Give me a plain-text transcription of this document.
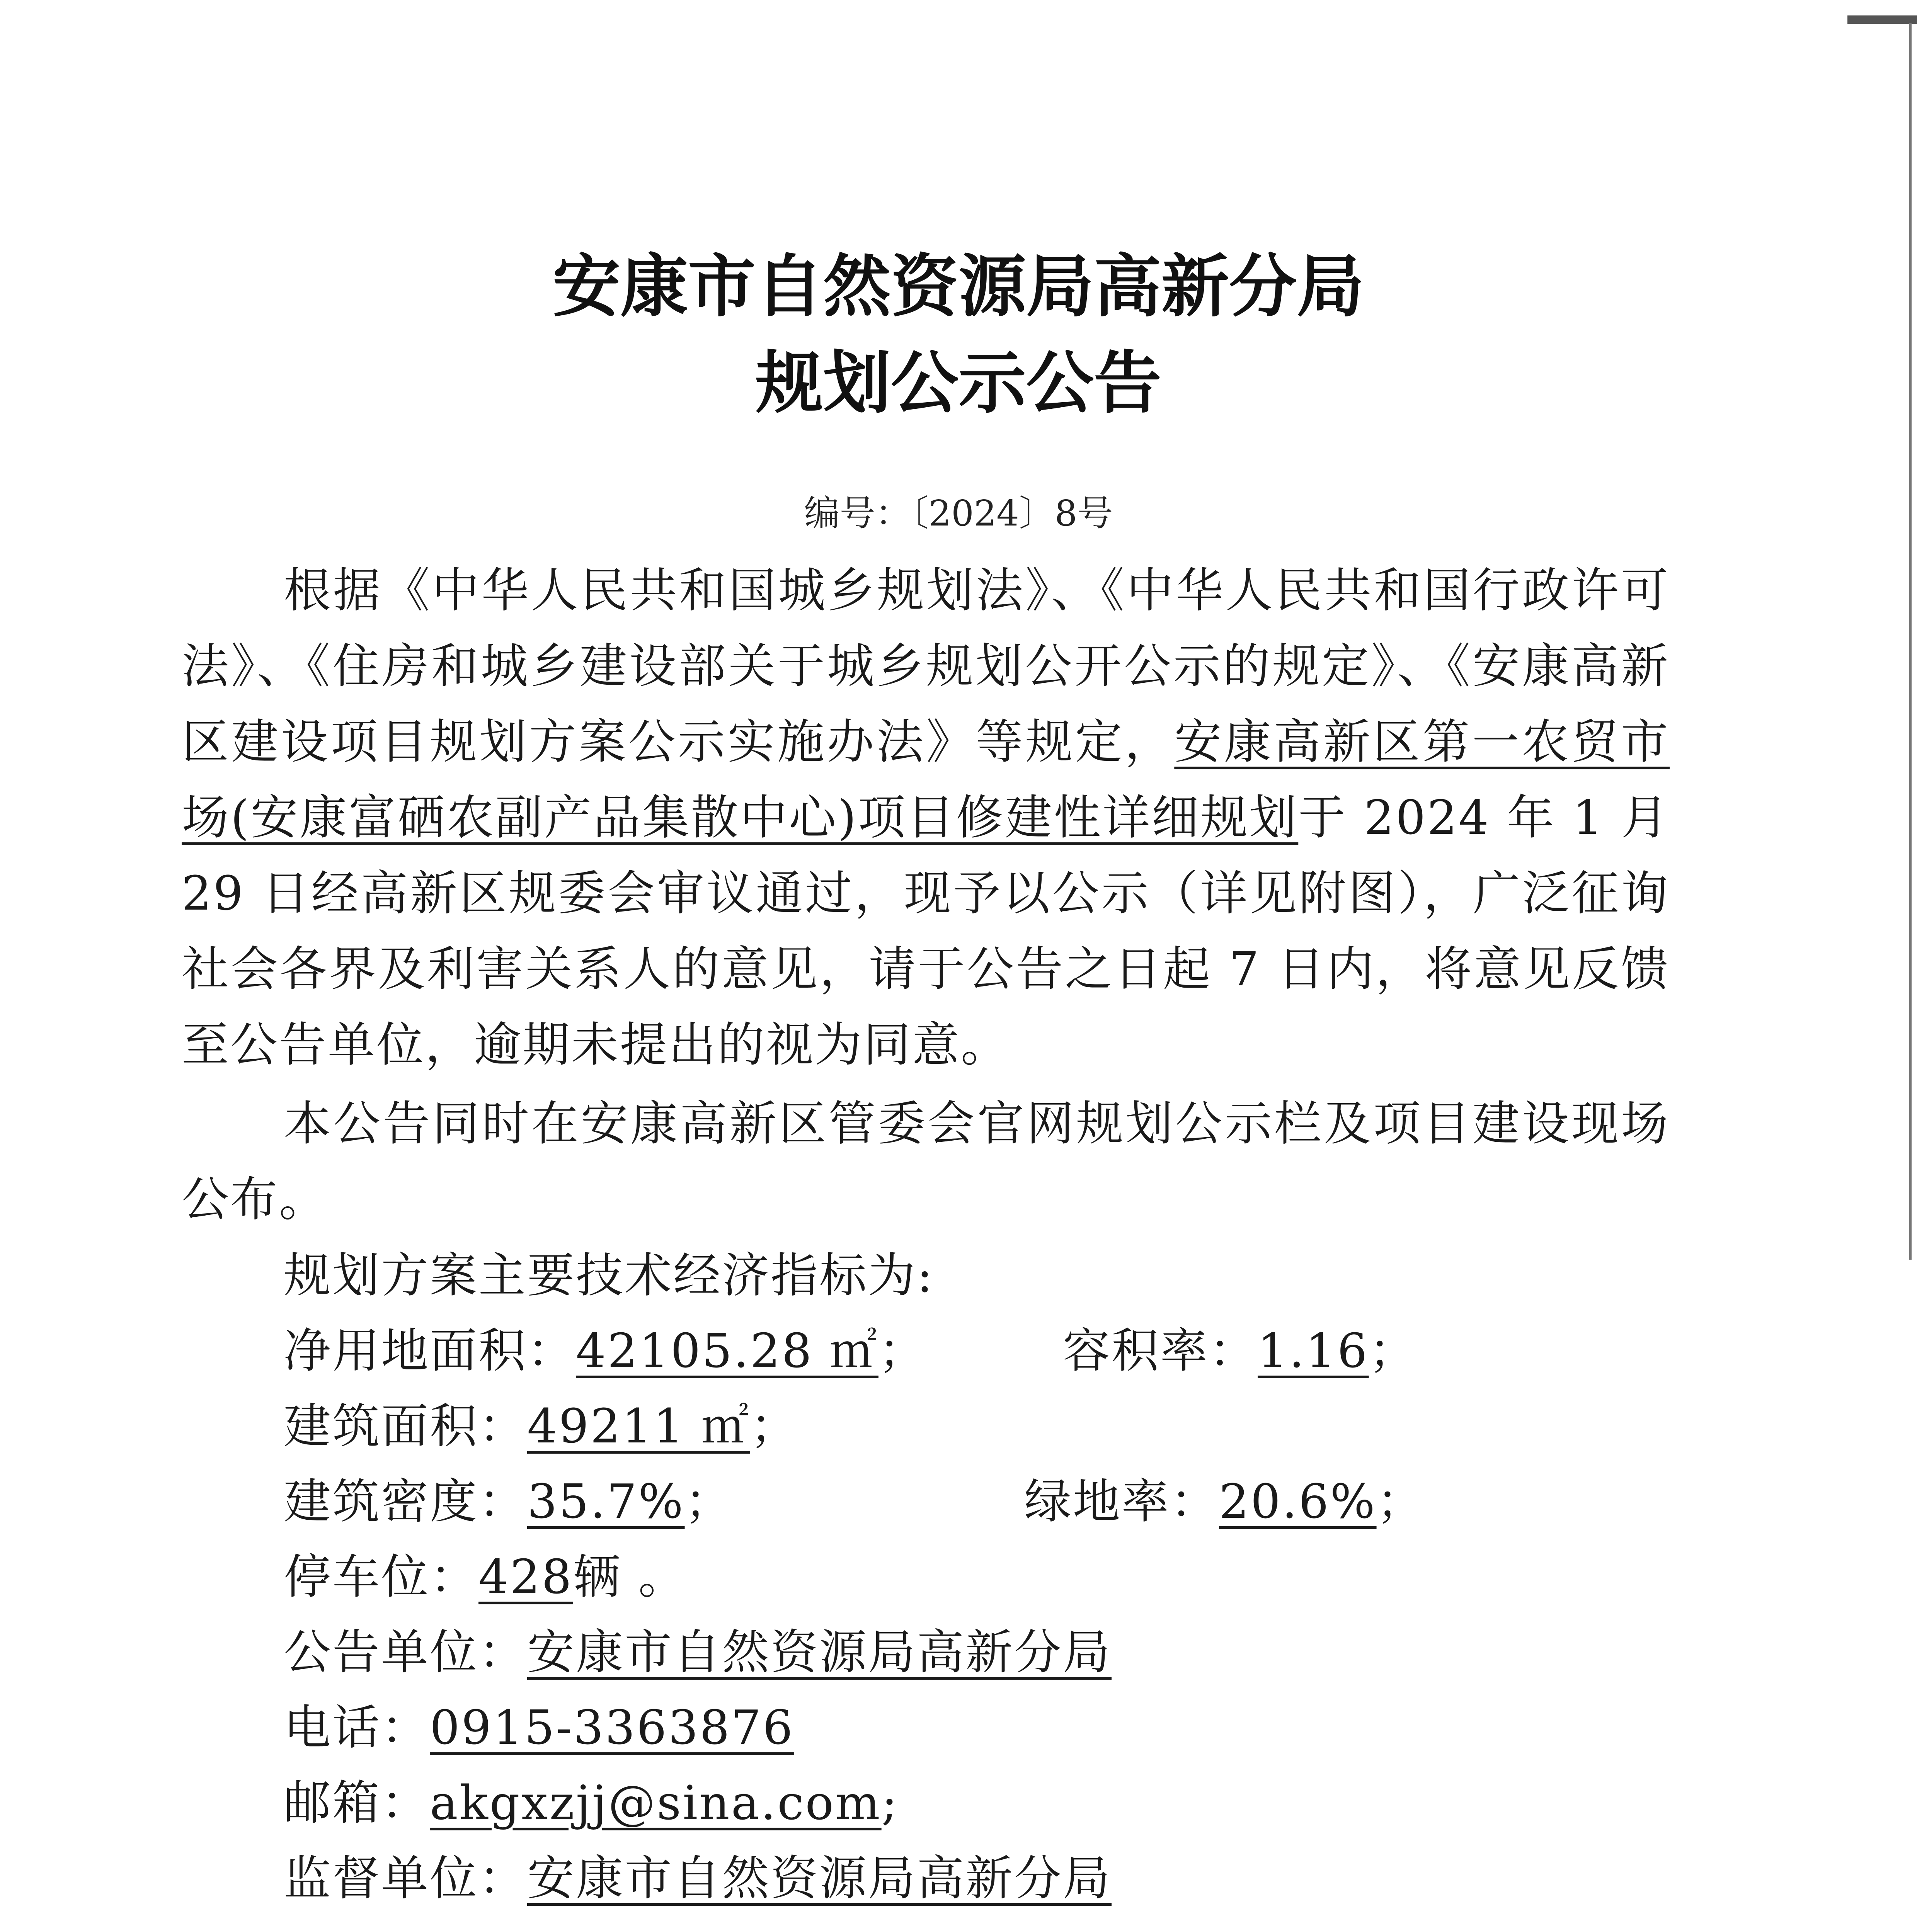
安康市自然资源局高新分局
规划公示公告
编号：〔2024〕8号
根据《中华人民共和国城乡规划法》、《中华人民共和国行政许可法》、《住房和城乡建设部关于城乡规划公开公示的规定》、《安康高新区建设项目规划方案公示实施办法》等规定，安康高新区第一农贸市场(安康富硒农副产品集散中心)项目修建性详细规划于 2024 年 1 月 29 日经高新区规委会审议通过，现予以公示（详见附图），广泛征询社会各界及利害关系人的意见，请于公告之日起 7 日内，将意见反馈至公告单位，逾期未提出的视为同意。
本公告同时在安康高新区管委会官网规划公示栏及项目建设现场公布。
规划方案主要技术经济指标为:
净用地面积：42105.28 ㎡；	容积率：1.16；
建筑面积：49211 ㎡；
建筑密度：35.7%；	绿地率：20.6%；
停车位：428辆 。
公告单位：安康市自然资源局高新分局
电话：0915-3363876
邮箱：akgxzjj@sina.com;
监督单位：安康市自然资源局高新分局
